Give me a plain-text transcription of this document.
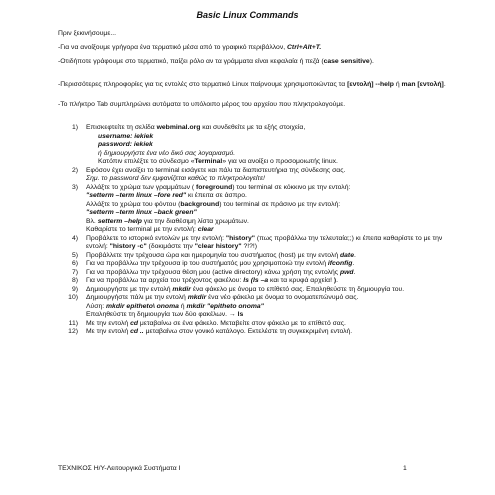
Basic Linux Commands
Πριν ξεκινήσουμε...
-Για να ανοίξουμε γρήγορα ένα τερματικό μέσα από το γραφικό περιβάλλον, Ctrl+Alt+T.
-Οτιδήποτε γράφουμε στο τερματικό, παίζει ρόλο αν τα γράμματα είναι κεφαλαία ή πεζά (case sensitive).
-Περισσότερες πληροφορίες για τις εντολές στο τερματικό Linux παίρνουμε χρησιμοποιώντας τα [εντολή] --help ή man [εντολή].
-Το πλήκτρο Tab συμπληρώνει αυτόματα το υπόλοιπο μέρος του αρχείου που πληκτρολογούμε.
1) Επισκεφτείτε τη σελίδα webminal.org και συνδεθείτε με τα εξής στοιχεία,
username: iekiek
password: iekiek
ή δημιουργήστε ένα νέο δικό σας λογαριασμό.
Κατόπιν επιλέξτε το σύνδεσμο «Terminal» για να ανοίξει ο προσομοιωτής linux.
2) Εφόσον έχει ανοίξει το terminal εισάγετε και πάλι τα διαπιστευτήρια της σύνδεσης σας.
Σημ. το password δεν εμφανίζεται καθώς το πληκτρολογείτε!
3) Αλλάξτε το χρώμα των γραμμάτων ( foreground) του terminal σε κόκκινο με την εντολή:
"setterm –term linux –fore red" κι έπειτα σε άσπρο.
Αλλάξτε το χρώμα του φόντου (background) του terminal σε πράσινο με την εντολή:
"setterm –term linux –back green"
Βλ. setterm –help για την διαθέσιμη λίστα χρωμάτων.
Καθαρίστε το terminal με την εντολή: clear
4) Προβάλετε το ιστορικό εντολών με την εντολή: "history" (πως προβάλλω την τελευταία;;) κι έπειτα καθαρίστε το με την εντολή: "history -c" (δοκιμάστε την "clear history" ?!?!)
5) Προβάλλετε την τρέχουσα ώρα και ημερομηνία του συστήματος (host) με την εντολή date.
6) Για να προβάλλω την τρέχουσα ip του συστήματός μου χρησιμοποιώ την εντολή ifconfig.
7) Για να προβάλλω την τρέχουσα θέση μου (active directory) κάνω χρήση της εντολής pwd.
8) Για να προβάλλω τα αρχεία του τρέχοντος φακέλου: ls (ls –a και τα κρυφά αρχεία! ).
9) Δημιουργήστε με την εντολή mkdir ένα φάκελο με όνομα το επίθετό σας. Επαληθεύστε τη δημιουργία του.
10) Δημιουργήστε πάλι με την εντολή mkdir ένα νέο φάκελο με όνομα το ονοματεπώνυμό σας.
Λύση: mkdir epitheto\ onoma ή mkdir "epitheto onoma"
Επαληθεύστε τη δημιουργία των δύο φακέλων. → ls
11) Με την εντολή cd μεταβαίνω σε ένα φάκελο. Μεταβείτε στον φάκελο με το επίθετό σας.
12) Με την εντολή cd .. μεταβαίνω στον γονικό κατάλογο. Εκτελέστε τη συγκεκριμένη εντολή.
ΤΕΧΝΙΚΟΣ Η/Υ-Λειτουργικά Συστήματα Ι	1
